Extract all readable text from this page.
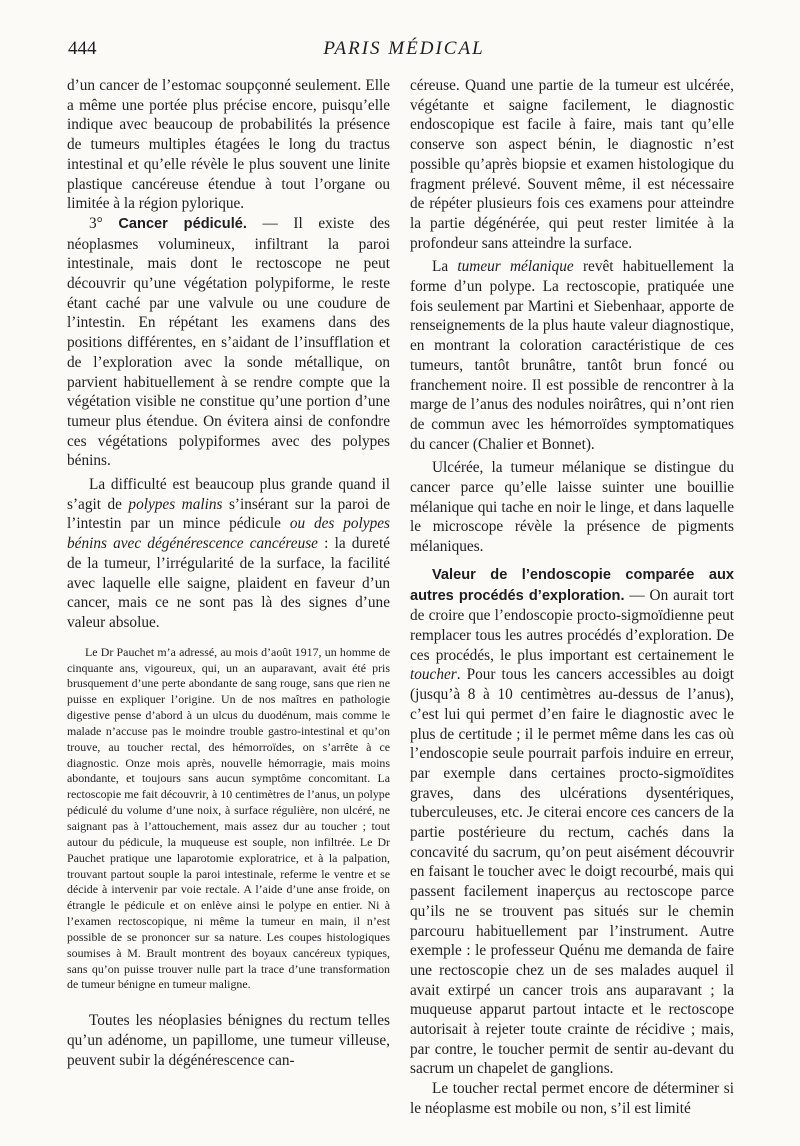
444	PARIS MÉDICAL

d’un cancer de l’estomac soupçonné seulement. Elle a même une portée plus précise encore, puisqu’elle indique avec beaucoup de probabilités la présence de tumeurs multiples étagées le long du tractus intestinal et qu’elle révèle le plus souvent une linite plastique cancéreuse étendue à tout l’organe ou limitée à la région pylorique.

3° Cancer pédiculé. — Il existe des néoplasmes volumineux, infiltrant la paroi intestinale, mais dont le rectoscope ne peut découvrir qu’une végétation polypiforme, le reste étant caché par une valvule ou une coudure de l’intestin. En répétant les examens dans des positions différentes, en s’aidant de l’insufflation et de l’exploration avec la sonde métallique, on parvient habituellement à se rendre compte que la végétation visible ne constitue qu’une portion d’une tumeur plus étendue. On évitera ainsi de confondre ces végétations polypiformes avec des polypes bénins.

La difficulté est beaucoup plus grande quand il s’agit de polypes malins s’insérant sur la paroi de l’intestin par un mince pédicule ou des polypes bénins avec dégénérescence cancéreuse : la dureté de la tumeur, l’irrégularité de la surface, la facilité avec laquelle elle saigne, plaident en faveur d’un cancer, mais ce ne sont pas là des signes d’une valeur absolue.

Le Dr Pauchet m’a adressé, au mois d’août 1917, un homme de cinquante ans, vigoureux, qui, un an auparavant, avait été pris brusquement d’une perte abondante de sang rouge, sans que rien ne puisse en expliquer l’origine. Un de nos maîtres en pathologie digestive pense d’abord à un ulcus du duodénum, mais comme le malade n’accuse pas le moindre trouble gastro-intestinal et qu’on trouve, au toucher rectal, des hémorroïdes, on s’arrête à ce diagnostic. Onze mois après, nouvelle hémorragie, mais moins abondante, et toujours sans aucun symptôme concomitant. La rectoscopie me fait découvrir, à 10 centimètres de l’anus, un polype pédiculé du volume d’une noix, à surface régulière, non ulcéré, ne saignant pas à l’attouchement, mais assez dur au toucher ; tout autour du pédicule, la muqueuse est souple, non infiltrée. Le Dr Pauchet pratique une laparotomie exploratrice, et à la palpation, trouvant partout souple la paroi intestinale, referme le ventre et se décide à intervenir par voie rectale. A l’aide d’une anse froide, on étrangle le pédicule et on enlève ainsi le polype en entier. Ni à l’examen rectoscopique, ni même la tumeur en main, il n’est possible de se prononcer sur sa nature. Les coupes histologiques soumises à M. Brault montrent des boyaux cancéreux typiques, sans qu’on puisse trouver nulle part la trace d’une transformation de tumeur bénigne en tumeur maligne.

Toutes les néoplasies bénignes du rectum telles qu’un adénome, un papillome, une tumeur villeuse, peuvent subir la dégénérescence can-

céreuse. Quand une partie de la tumeur est ulcérée, végétante et saigne facilement, le diagnostic endoscopique est facile à faire, mais tant qu’elle conserve son aspect bénin, le diagnostic n’est possible qu’après biopsie et examen histologique du fragment prélevé. Souvent même, il est nécessaire de répéter plusieurs fois ces examens pour atteindre la partie dégénérée, qui peut rester limitée à la profondeur sans atteindre la surface.

La tumeur mélanique revêt habituellement la forme d’un polype. La rectoscopie, pratiquée une fois seulement par Martini et Siebenhaar, apporte de renseignements de la plus haute valeur diagnostique, en montrant la coloration caractéristique de ces tumeurs, tantôt brunâtre, tantôt brun foncé ou franchement noire. Il est possible de rencontrer à la marge de l’anus des nodules noirâtres, qui n’ont rien de commun avec les hémorroïdes symptomatiques du cancer (Chalier et Bonnet).

Ulcérée, la tumeur mélanique se distingue du cancer parce qu’elle laisse suinter une bouillie mélanique qui tache en noir le linge, et dans laquelle le microscope révèle la présence de pigments mélaniques.

Valeur de l’endoscopie comparée aux autres procédés d’exploration. — On aurait tort de croire que l’endoscopie procto-sigmoïdienne peut remplacer tous les autres procédés d’exploration. De ces procédés, le plus important est certainement le toucher. Pour tous les cancers accessibles au doigt (jusqu’à 8 à 10 centimètres au-dessus de l’anus), c’est lui qui permet d’en faire le diagnostic avec le plus de certitude ; il le permet même dans les cas où l’endoscopie seule pourrait parfois induire en erreur, par exemple dans certaines procto-sigmoïdites graves, dans des ulcérations dysentériques, tuberculeuses, etc. Je citerai encore ces cancers de la partie postérieure du rectum, cachés dans la concavité du sacrum, qu’on peut aisément découvrir en faisant le toucher avec le doigt recourbé, mais qui passent facilement inaperçus au rectoscope parce qu’ils ne se trouvent pas situés sur le chemin parcouru habituellement par l’instrument. Autre exemple : le professeur Quénu me demanda de faire une rectoscopie chez un de ses malades auquel il avait extirpé un cancer trois ans auparavant ; la muqueuse apparut partout intacte et le rectoscope autorisait à rejeter toute crainte de récidive ; mais, par contre, le toucher permit de sentir au-devant du sacrum un chapelet de ganglions.

Le toucher rectal permet encore de déterminer si le néoplasme est mobile ou non, s’il est limité
